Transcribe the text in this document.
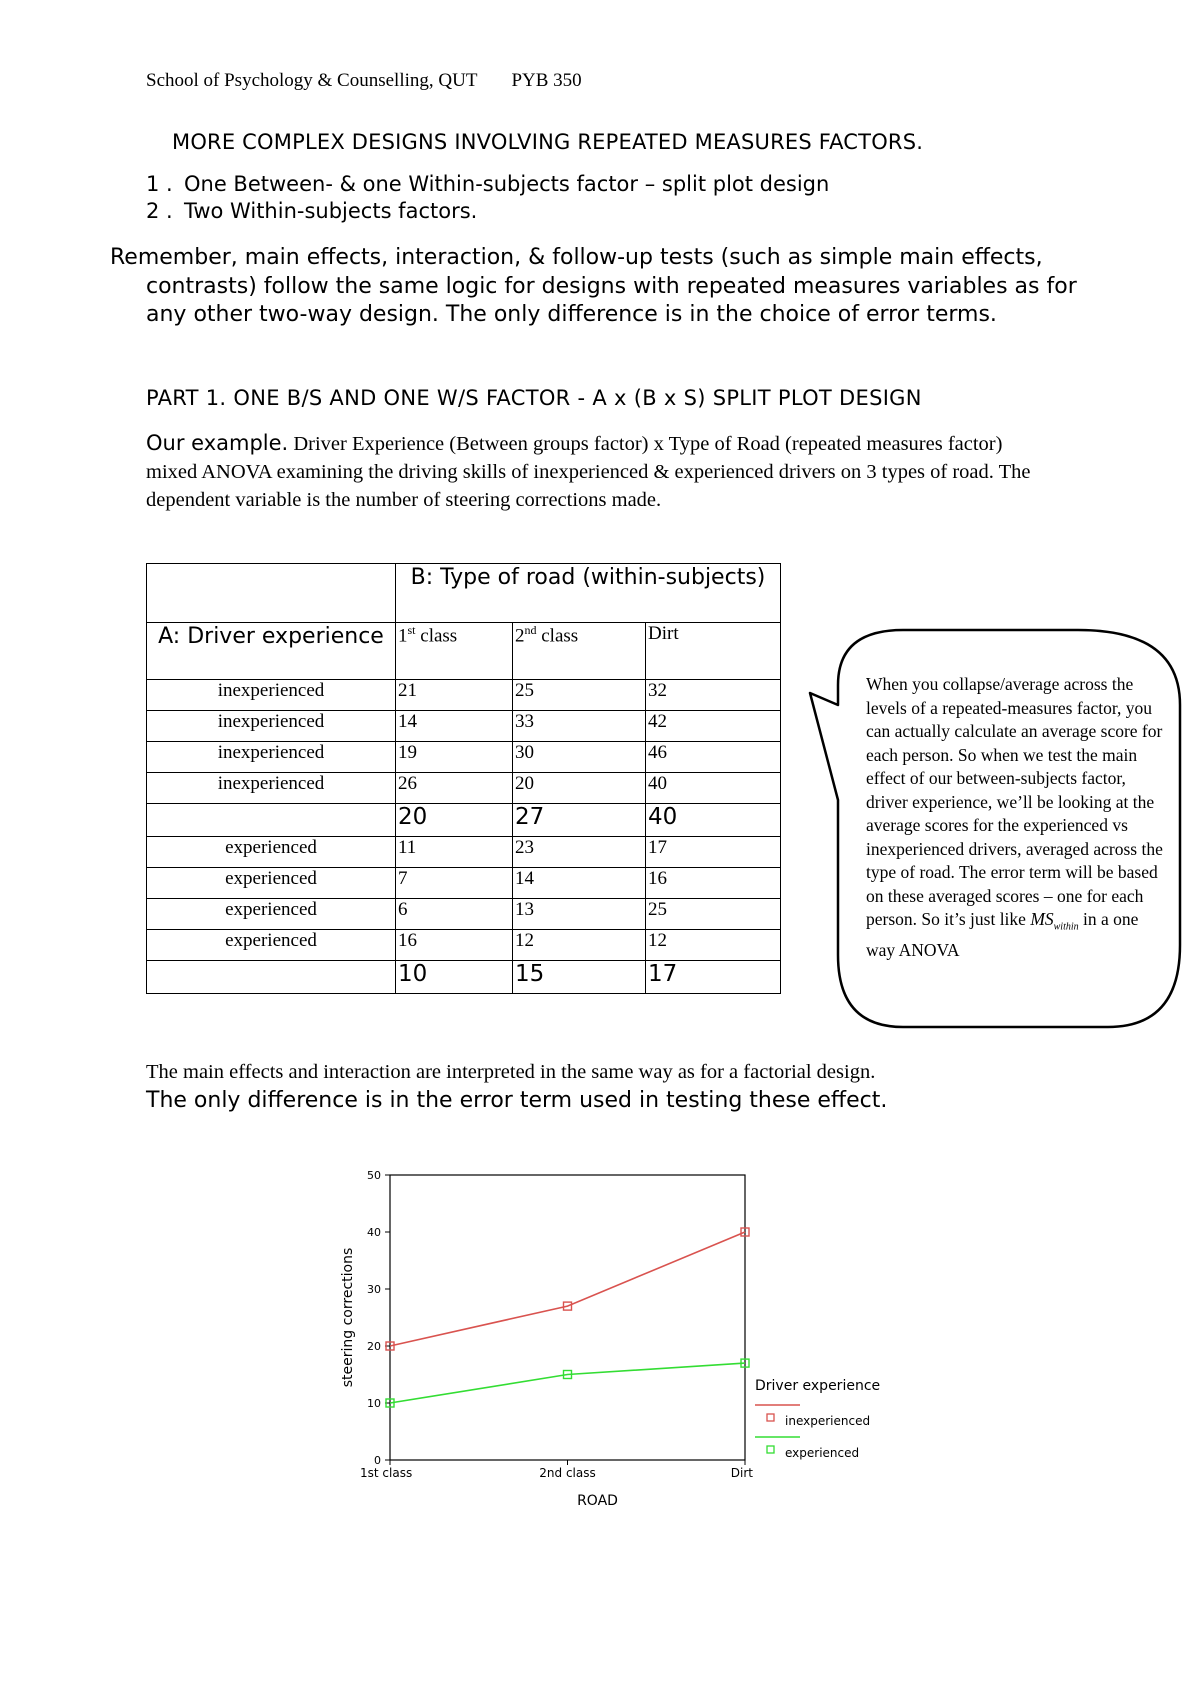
School of Psychology & Counselling, QUT PYB 350
MORE COMPLEX DESIGNS INVOLVING REPEATED MEASURES FACTORS.
1 . One Between- & one Within-subjects factor – split plot design
2 . Two Within-subjects factors.
Remember, main effects, interaction, & follow-up tests (such as simple main effects, contrasts) follow the same logic for designs with repeated measures variables as for any other two-way design. The only difference is in the choice of error terms.
PART 1. ONE B/S AND ONE W/S FACTOR - A x (B x S) SPLIT PLOT DESIGN
Our example. Driver Experience (Between groups factor) x Type of Road (repeated measures factor) mixed ANOVA examining the driving skills of inexperienced & experienced drivers on 3 types of road. The dependent variable is the number of steering corrections made.
	B: Type of road (within-subjects)		
A: Driver experience	1st class	2nd class	Dirt
inexperienced	21	25	32
inexperienced	14	33	42
inexperienced	19	30	46
inexperienced	26	20	40
	20	27	40
experienced	11	23	17
experienced	7	14	16
experienced	6	13	25
experienced	16	12	12
	10	15	17
When you collapse/average across the levels of a repeated-measures factor, you can actually calculate an average score for each person. So when we test the main effect of our between-subjects factor, driver experience, we’ll be looking at the average scores for the experienced vs inexperienced drivers, averaged across the type of road. The error term will be based on these averaged scores – one for each person. So it’s just like $MS_{within}$ in a one way ANOVA
The main effects and interaction are interpreted in the same way as for a factorial design.
The only difference is in the error term used in testing these effect.
0
10
20
30
40
50
1st class	2nd class	Dirt
ROAD
steering corrections	Driver experience
inexperienced
experienced
